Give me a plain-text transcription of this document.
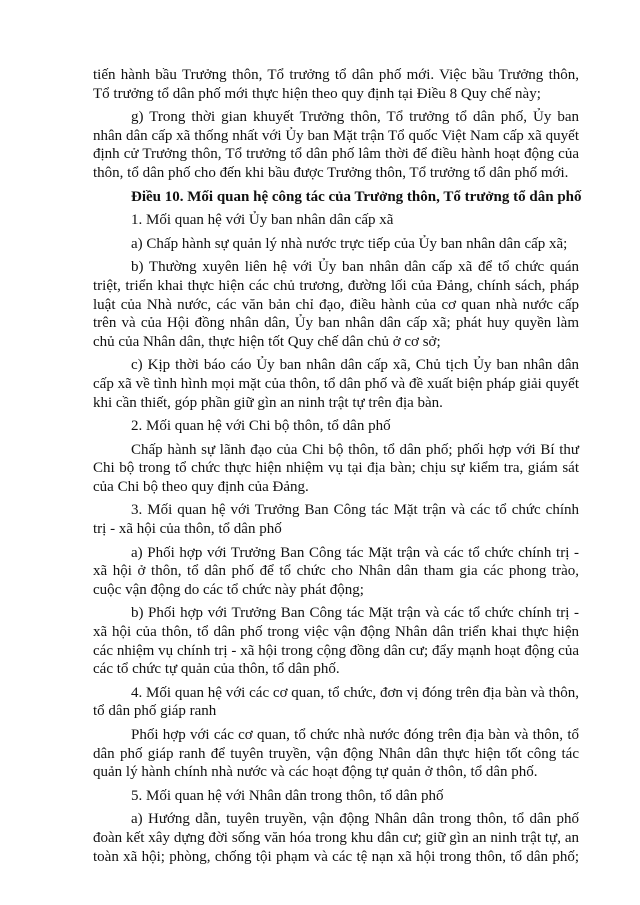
tiến hành bầu Trưởng thôn, Tổ trưởng tổ dân phố mới. Việc bầu Trưởng thôn,
Tổ trưởng tổ dân phố mới thực hiện theo quy định tại Điều 8 Quy chế này;
g) Trong thời gian khuyết Trưởng thôn, Tổ trưởng tổ dân phố, Ủy ban
nhân dân cấp xã thống nhất với Ủy ban Mặt trận Tổ quốc Việt Nam cấp xã quyết
định cử Trưởng thôn, Tổ trưởng tổ dân phố lâm thời để điều hành hoạt động của
thôn, tổ dân phố cho đến khi bầu được Trưởng thôn, Tổ trưởng tổ dân phố mới.
Điều 10. Mối quan hệ công tác của Trưởng thôn, Tổ trưởng tổ dân phố
1. Mối quan hệ với Ủy ban nhân dân cấp xã
a) Chấp hành sự quản lý nhà nước trực tiếp của Ủy ban nhân dân cấp xã;
b) Thường xuyên liên hệ với Ủy ban nhân dân cấp xã để tổ chức quán
triệt, triển khai thực hiện các chủ trương, đường lối của Đảng, chính sách, pháp
luật của Nhà nước, các văn bản chỉ đạo, điều hành của cơ quan nhà nước cấp
trên và của Hội đồng nhân dân, Ủy ban nhân dân cấp xã; phát huy quyền làm
chủ của Nhân dân, thực hiện tốt Quy chế dân chủ ở cơ sở;
c) Kịp thời báo cáo Ủy ban nhân dân cấp xã, Chủ tịch Ủy ban nhân dân
cấp xã về tình hình mọi mặt của thôn, tổ dân phố và đề xuất biện pháp giải quyết
khi cần thiết, góp phần giữ gìn an ninh trật tự trên địa bàn.
2. Mối quan hệ với Chi bộ thôn, tổ dân phố
Chấp hành sự lãnh đạo của Chi bộ thôn, tổ dân phố; phối hợp với Bí thư
Chi bộ trong tổ chức thực hiện nhiệm vụ tại địa bàn; chịu sự kiểm tra, giám sát
của Chi bộ theo quy định của Đảng.
3. Mối quan hệ với Trưởng Ban Công tác Mặt trận và các tổ chức chính
trị - xã hội của thôn, tổ dân phố
a) Phối hợp với Trưởng Ban Công tác Mặt trận và các tổ chức chính trị -
xã hội ở thôn, tổ dân phố để tổ chức cho Nhân dân tham gia các phong trào,
cuộc vận động do các tổ chức này phát động;
b) Phối hợp với Trưởng Ban Công tác Mặt trận và các tổ chức chính trị -
xã hội của thôn, tổ dân phố trong việc vận động Nhân dân triển khai thực hiện
các nhiệm vụ chính trị - xã hội trong cộng đồng dân cư; đẩy mạnh hoạt động của
các tổ chức tự quản của thôn, tổ dân phố.
4. Mối quan hệ với các cơ quan, tổ chức, đơn vị đóng trên địa bàn và thôn,
tổ dân phố giáp ranh
Phối hợp với các cơ quan, tổ chức nhà nước đóng trên địa bàn và thôn, tổ
dân phố giáp ranh để tuyên truyền, vận động Nhân dân thực hiện tốt công tác
quản lý hành chính nhà nước và các hoạt động tự quản ở thôn, tổ dân phố.
5. Mối quan hệ với Nhân dân trong thôn, tổ dân phố
a) Hướng dẫn, tuyên truyền, vận động Nhân dân trong thôn, tổ dân phố
đoàn kết xây dựng đời sống văn hóa trong khu dân cư; giữ gìn an ninh trật tự, an
toàn xã hội; phòng, chống tội phạm và các tệ nạn xã hội trong thôn, tổ dân phố;
